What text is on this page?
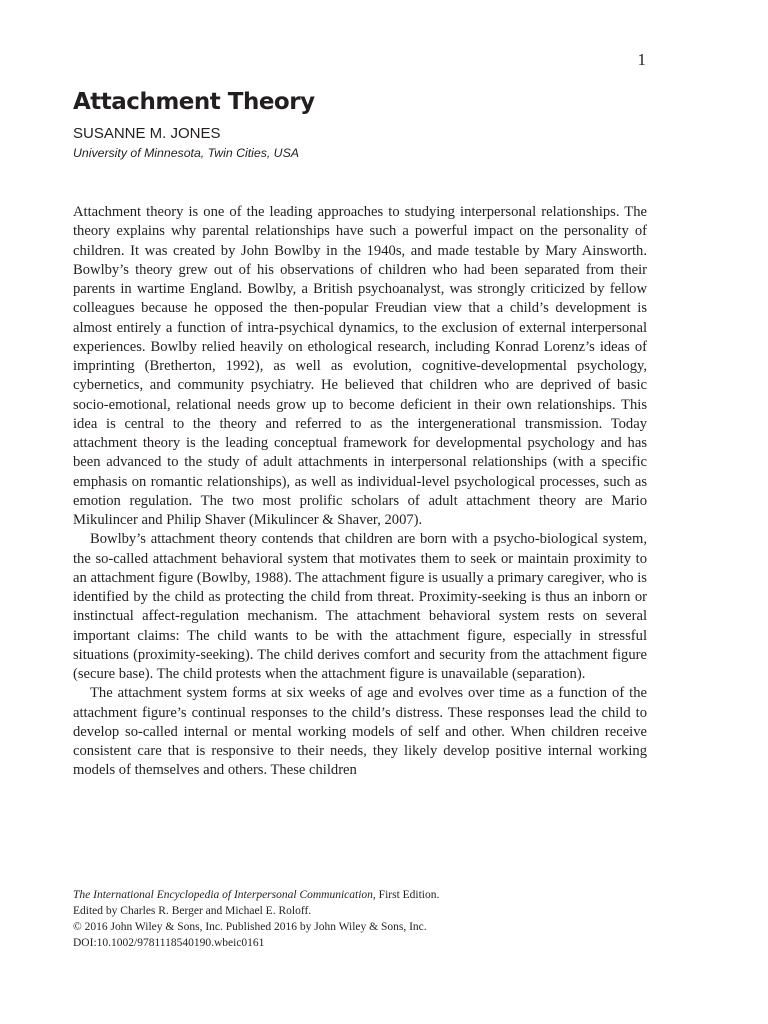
1
Attachment Theory
SUSANNE M. JONES
University of Minnesota, Twin Cities, USA

Attachment theory is one of the leading approaches to studying interpersonal relationships. The theory explains why parental relationships have such a powerful impact on the personality of children. It was created by John Bowlby in the 1940s, and made testable by Mary Ainsworth. Bowlby’s theory grew out of his observations of children who had been separated from their parents in wartime England. Bowlby, a British psychoanalyst, was strongly criticized by fellow colleagues because he opposed the then-popular Freudian view that a child’s development is almost entirely a function of intra-psychical dynamics, to the exclusion of external interpersonal experiences. Bowlby relied heavily on ethological research, including Konrad Lorenz’s ideas of imprinting (Bretherton, 1992), as well as evolution, cognitive-developmental psychology, cybernetics, and community psychiatry. He believed that children who are deprived of basic socio-emotional, relational needs grow up to become deficient in their own relationships. This idea is central to the theory and referred to as the intergenerational transmission. Today attachment theory is the leading conceptual framework for developmental psychology and has been advanced to the study of adult attachments in interpersonal relationships (with a specific emphasis on romantic relationships), as well as individual-level psychological processes, such as emotion regulation. The two most prolific scholars of adult attachment theory are Mario Mikulincer and Philip Shaver (Mikulincer & Shaver, 2007).

Bowlby’s attachment theory contends that children are born with a psycho-biological system, the so-called attachment behavioral system that motivates them to seek or maintain proximity to an attachment figure (Bowlby, 1988). The attachment figure is usually a primary caregiver, who is identified by the child as protecting the child from threat. Proximity-seeking is thus an inborn or instinctual affect-regulation mechanism. The attachment behavioral system rests on several important claims: The child wants to be with the attachment figure, especially in stressful situations (proximity-seeking). The child derives comfort and security from the attachment figure (secure base). The child protests when the attachment figure is unavailable (separation).

The attachment system forms at six weeks of age and evolves over time as a function of the attachment figure’s continual responses to the child’s distress. These responses lead the child to develop so-called internal or mental working models of self and other. When children receive consistent care that is responsive to their needs, they likely develop positive internal working models of themselves and others. These children

The International Encyclopedia of Interpersonal Communication, First Edition.
Edited by Charles R. Berger and Michael E. Roloff.
© 2016 John Wiley & Sons, Inc. Published 2016 by John Wiley & Sons, Inc.
DOI:10.1002/9781118540190.wbeic0161
